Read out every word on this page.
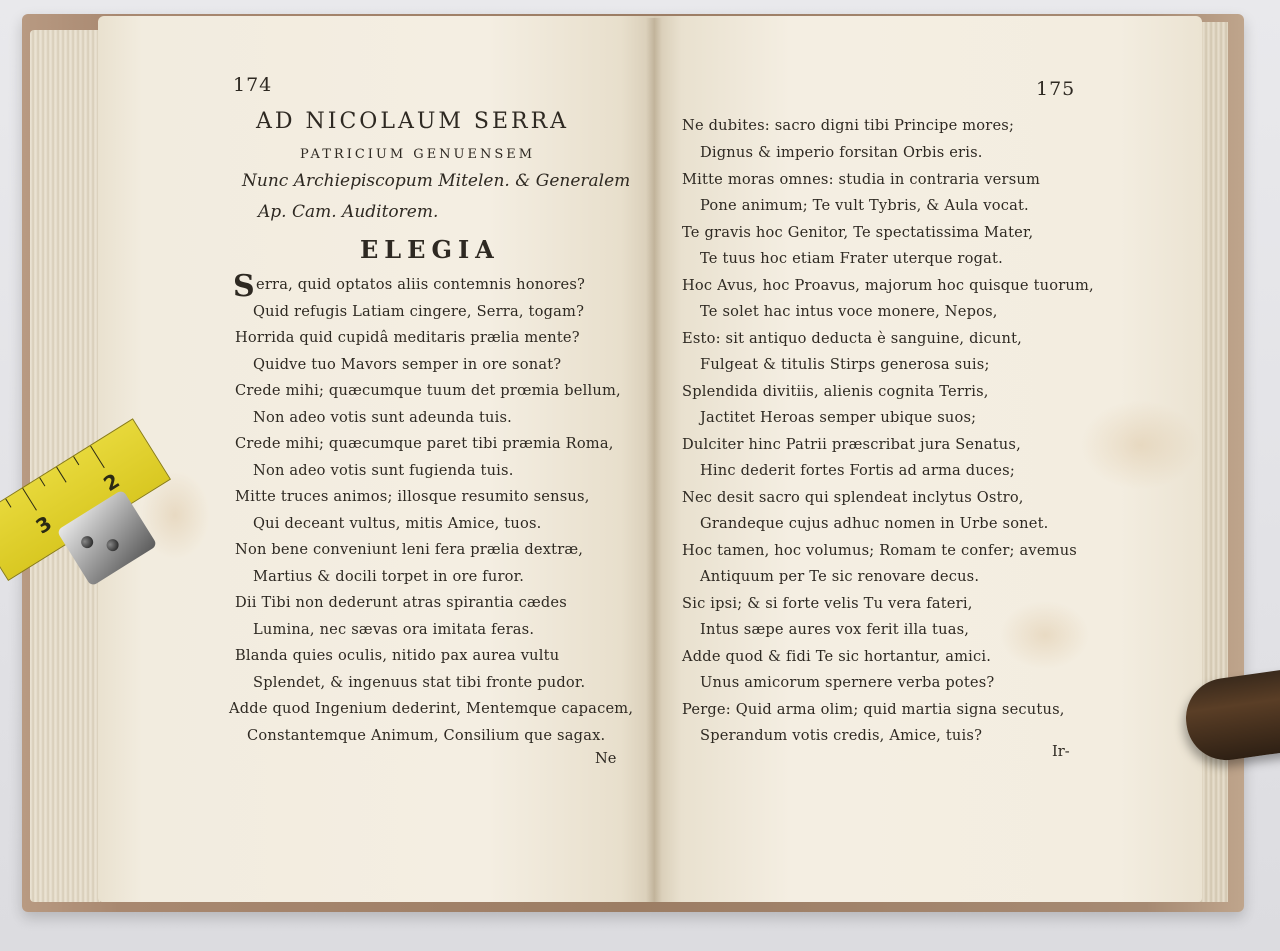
174
AD NICOLAUM SERRA
PATRICIUM GENUENSEM
Nunc Archiepiscopum Mitelen. & Generalem
Ap. Cam. Auditorem.
ELEGIA
S erra, quid optatos aliis contemnis honores?
Quid refugis Latiam cingere, Serra, togam?
Horrida quid cupidâ meditaris prælia mente?
Quidve tuo Mavors semper in ore sonat?
Crede mihi; quæcumque tuum det prœmia bellum,
Non adeo votis sunt adeunda tuis.
Crede mihi; quæcumque paret tibi præmia Roma,
Non adeo votis sunt fugienda tuis.
Mitte truces animos; illosque resumito sensus,
Qui deceant vultus, mitis Amice, tuos.
Non bene conveniunt leni fera prælia dextræ,
Martius & docili torpet in ore furor.
Dii Tibi non dederunt atras spirantia cædes
Lumina, nec sævas ora imitata feras.
Blanda quies oculis, nitido pax aurea vultu
Splendet, & ingenuus stat tibi fronte pudor.
Adde quod Ingenium dederint, Mentemque capacem,
Constantemque Animum, Consilium que sagax.
Ne
175
Ne dubites: sacro digni tibi Principe mores;
Dignus & imperio forsitan Orbis eris.
Mitte moras omnes: studia in contraria versum
Pone animum; Te vult Tybris, & Aula vocat.
Te gravis hoc Genitor, Te spectatissima Mater,
Te tuus hoc etiam Frater uterque rogat.
Hoc Avus, hoc Proavus, majorum hoc quisque tuorum,
Te solet hac intus voce monere, Nepos,
Esto: sit antiquo deducta è sanguine, dicunt,
Fulgeat & titulis Stirps generosa suis;
Splendida divitiis, alienis cognita Terris,
Jactitet Heroas semper ubique suos;
Dulciter hinc Patrii præscribat jura Senatus,
Hinc dederit fortes Fortis ad arma duces;
Nec desit sacro qui splendeat inclytus Ostro,
Grandeque cujus adhuc nomen in Urbe sonet.
Hoc tamen, hoc volumus; Romam te confer; avemus
Antiquum per Te sic renovare decus.
Sic ipsi; & si forte velis Tu vera fateri,
Intus sæpe aures vox ferit illa tuas,
Adde quod & fidi Te sic hortantur, amici.
Unus amicorum spernere verba potes?
Perge: Quid arma olim; quid martia signa secutus,
Sperandum votis credis, Amice, tuis?
Ir-
2
3
